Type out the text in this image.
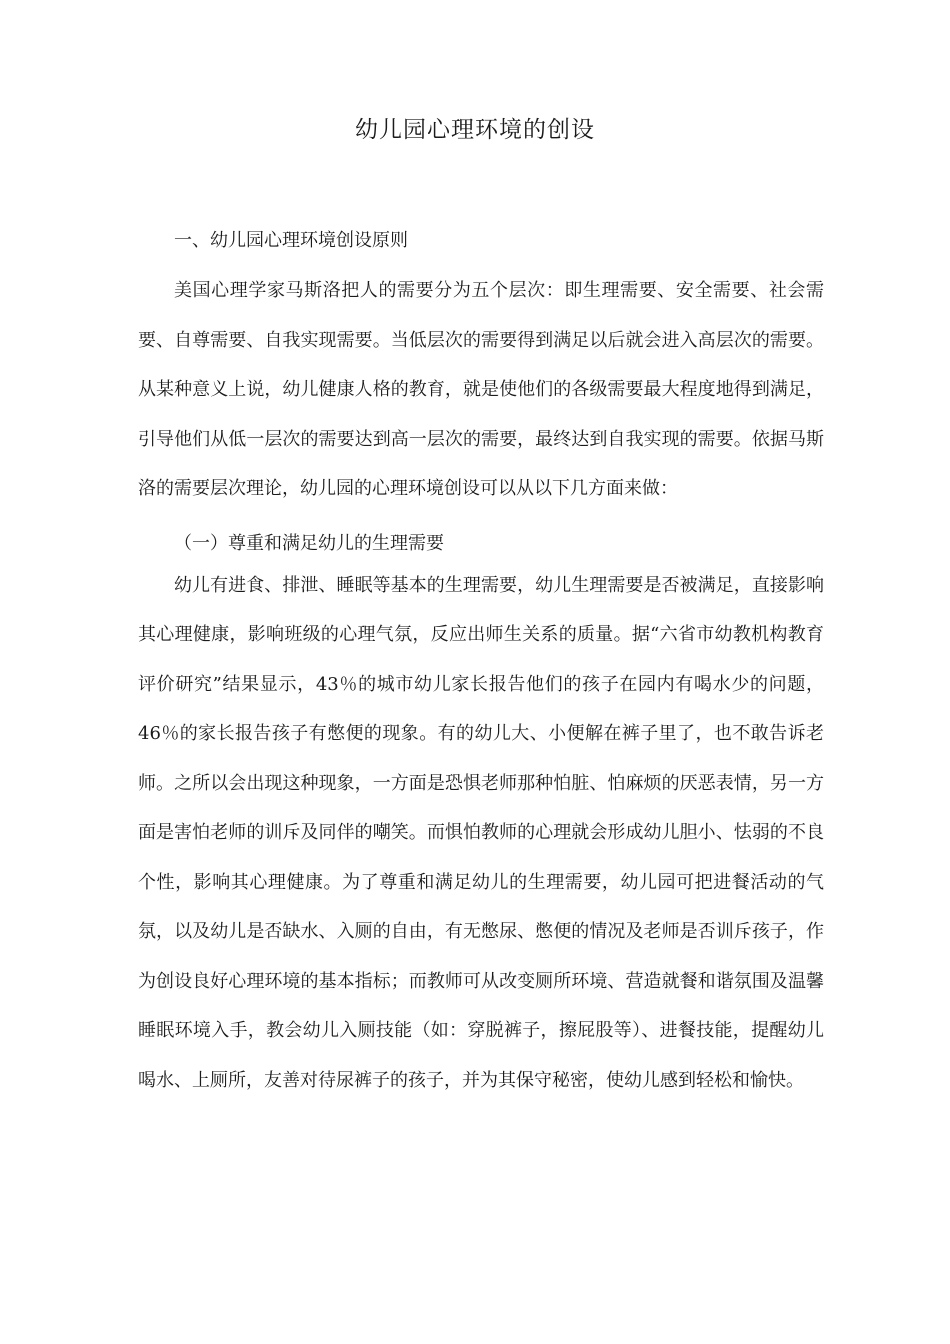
幼儿园心理环境的创设
一、幼儿园心理环境创设原则

美国心理学家马斯洛把人的需要分为五个层次：即生理需要、安全需要、社会需要、自尊需要、自我实现需要。当低层次的需要得到满足以后就会进入高层次的需要。从某种意义上说，幼儿健康人格的教育，就是使他们的各级需要最大程度地得到满足，引导他们从低一层次的需要达到高一层次的需要，最终达到自我实现的需要。依据马斯洛的需要层次理论，幼儿园的心理环境创设可以从以下几方面来做：

（一）尊重和满足幼儿的生理需要

幼儿有进食、排泄、睡眠等基本的生理需要，幼儿生理需要是否被满足，直接影响其心理健康，影响班级的心理气氛，反应出师生关系的质量。据“六省市幼教机构教育评价研究”结果显示，43％的城市幼儿家长报告他们的孩子在园内有喝水少的问题，46％的家长报告孩子有憋便的现象。有的幼儿大、小便解在裤子里了，也不敢告诉老师。之所以会出现这种现象，一方面是恐惧老师那种怕脏、怕麻烦的厌恶表情，另一方面是害怕老师的训斥及同伴的嘲笑。而惧怕教师的心理就会形成幼儿胆小、怯弱的不良个性，影响其心理健康。为了尊重和满足幼儿的生理需要，幼儿园可把进餐活动的气氛，以及幼儿是否缺水、入厕的自由，有无憋尿、憋便的情况及老师是否训斥孩子，作为创设良好心理环境的基本指标；而教师可从改变厕所环境、营造就餐和谐氛围及温馨睡眠环境入手，教会幼儿入厕技能（如：穿脱裤子，擦屁股等）、进餐技能，提醒幼儿喝水、上厕所，友善对待尿裤子的孩子，并为其保守秘密，使幼儿感到轻松和愉快。
